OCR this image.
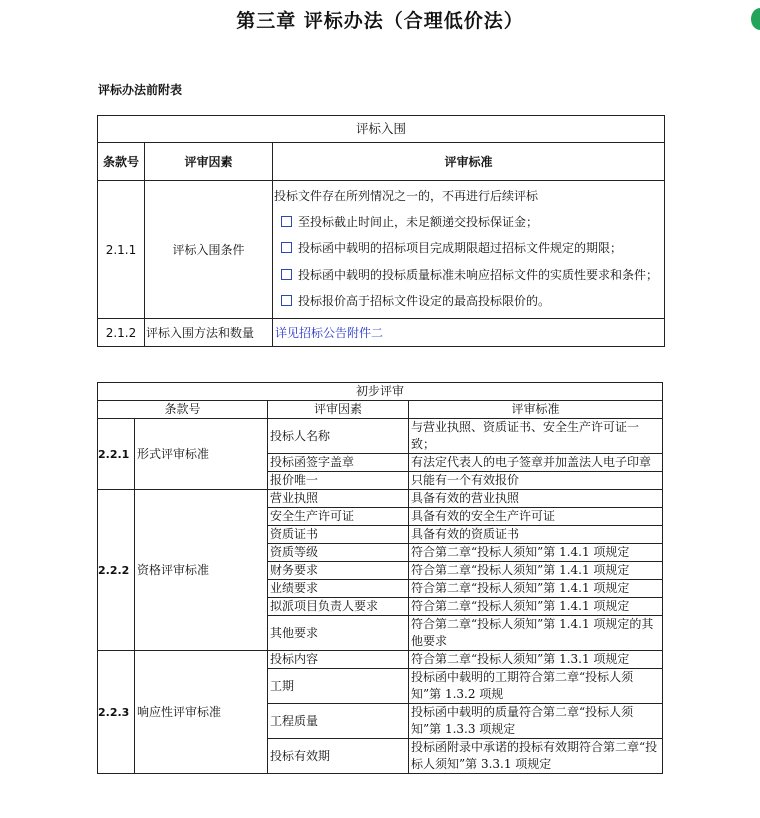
第三章 评标办法（合理低价法）
评标办法前附表
评标入围		
条款号	评审因素	评审标准
2.1.1	评标入围条件	投标文件存在所列情况之一的，不再进行后续评标
至投标截止时间止，未足额递交投标保证金；
投标函中载明的招标项目完成期限超过招标文件规定的期限；
投标函中载明的投标质量标准未响应招标文件的实质性要求和条件；
投标报价高于招标文件设定的最高投标限价的。

2.1.2	评标入围方法和数量	详见招标公告附件二
初步评审			
条款号		评审因素	评审标准
2.2.1	形式评审标准	投标人名称	与营业执照、资质证书、安全生产许可证一致；
		投标函签字盖章	有法定代表人的电子签章并加盖法人电子印章
		报价唯一	只能有一个有效报价
2.2.2	资格评审标准	营业执照	具备有效的营业执照
		安全生产许可证	具备有效的安全生产许可证
		资质证书	具备有效的资质证书
		资质等级	符合第二章“投标人须知”第 1.4.1 项规定
		财务要求	符合第二章“投标人须知”第 1.4.1 项规定
		业绩要求	符合第二章“投标人须知”第 1.4.1 项规定
		拟派项目负责人要求	符合第二章“投标人须知”第 1.4.1 项规定
		其他要求	符合第二章“投标人须知”第 1.4.1 项规定的其他要求
2.2.3	响应性评审标准	投标内容	符合第二章“投标人须知”第 1.3.1 项规定
		工期	投标函中载明的工期符合第二章“投标人须知”第 1.3.2 项规
		工程质量	投标函中载明的质量符合第二章“投标人须知”第 1.3.3 项规定
		投标有效期	投标函附录中承诺的投标有效期符合第二章“投标人须知”第 3.3.1 项规定
